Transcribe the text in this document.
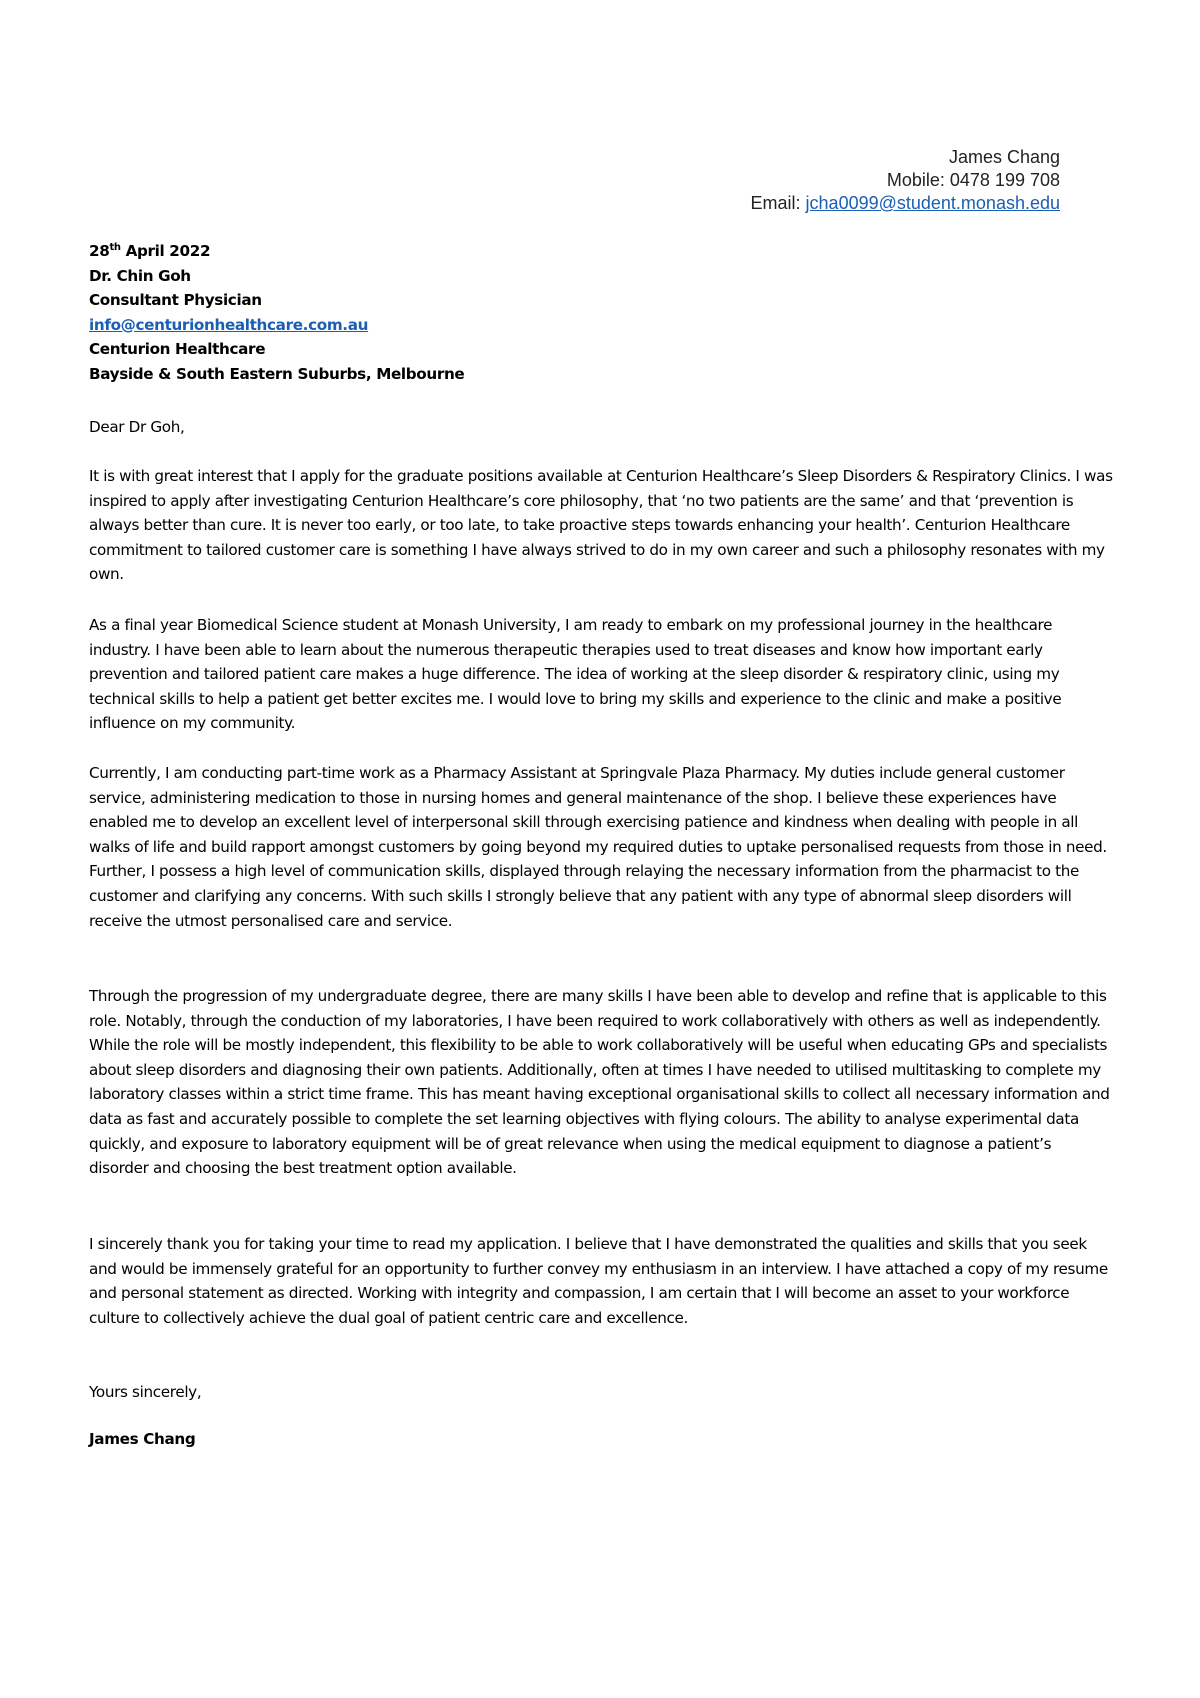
James Chang
Mobile: 0478 199 708
Email: jcha0099@student.monash.edu
28th April 2022
Dr. Chin Goh
Consultant Physician
info@centurionhealthcare.com.au
Centurion Healthcare
Bayside & South Eastern Suburbs, Melbourne
Dear Dr Goh,
It is with great interest that I apply for the graduate positions available at Centurion Healthcare’s Sleep Disorders & Respiratory Clinics. I was inspired to apply after investigating Centurion Healthcare’s core philosophy, that ‘no two patients are the same’ and that ‘prevention is always better than cure. It is never too early, or too late, to take proactive steps towards enhancing your health’. Centurion Healthcare commitment to tailored customer care is something I have always strived to do in my own career and such a philosophy resonates with my own.
As a final year Biomedical Science student at Monash University, I am ready to embark on my professional journey in the healthcare industry. I have been able to learn about the numerous therapeutic therapies used to treat diseases and know how important early prevention and tailored patient care makes a huge difference. The idea of working at the sleep disorder & respiratory clinic, using my technical skills to help a patient get better excites me. I would love to bring my skills and experience to the clinic and make a positive influence on my community.
Currently, I am conducting part-time work as a Pharmacy Assistant at Springvale Plaza Pharmacy. My duties include general customer service, administering medication to those in nursing homes and general maintenance of the shop. I believe these experiences have enabled me to develop an excellent level of interpersonal skill through exercising patience and kindness when dealing with people in all walks of life and build rapport amongst customers by going beyond my required duties to uptake personalised requests from those in need. Further, I possess a high level of communication skills, displayed through relaying the necessary information from the pharmacist to the customer and clarifying any concerns. With such skills I strongly believe that any patient with any type of abnormal sleep disorders will receive the utmost personalised care and service.
Through the progression of my undergraduate degree, there are many skills I have been able to develop and refine that is applicable to this role. Notably, through the conduction of my laboratories, I have been required to work collaboratively with others as well as independently. While the role will be mostly independent, this flexibility to be able to work collaboratively will be useful when educating GPs and specialists about sleep disorders and diagnosing their own patients. Additionally, often at times I have needed to utilised multitasking to complete my laboratory classes within a strict time frame. This has meant having exceptional organisational skills to collect all necessary information and data as fast and accurately possible to complete the set learning objectives with flying colours. The ability to analyse experimental data quickly, and exposure to laboratory equipment will be of great relevance when using the medical equipment to diagnose a patient’s disorder and choosing the best treatment option available.
I sincerely thank you for taking your time to read my application. I believe that I have demonstrated the qualities and skills that you seek and would be immensely grateful for an opportunity to further convey my enthusiasm in an interview. I have attached a copy of my resume and personal statement as directed. Working with integrity and compassion, I am certain that I will become an asset to your workforce culture to collectively achieve the dual goal of patient centric care and excellence.
Yours sincerely,
James Chang
